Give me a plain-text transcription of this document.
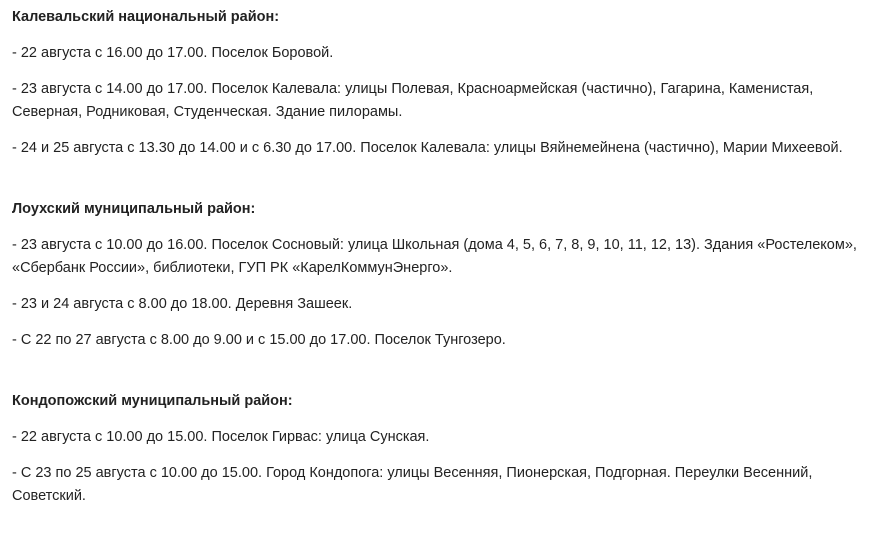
Калевальский национальный район:

- 22 августа с 16.00 до 17.00. Поселок Боровой.

- 23 августа с 14.00 до 17.00. Поселок Калевала: улицы Полевая, Красноармейская (частично), Гагарина, Каменистая, Северная, Родниковая, Студенческая. Здание пилорамы.

- 24 и 25 августа с 13.30 до 14.00 и с 6.30 до 17.00. Поселок Калевала: улицы Вяйнемейнена (частично), Марии Михеевой.

Лоухский муниципальный район:

- 23 августа с 10.00 до 16.00. Поселок Сосновый: улица Школьная (дома 4, 5, 6, 7, 8, 9, 10, 11, 12, 13). Здания «Ростелеком», «Сбербанк России», библиотеки, ГУП РК «КарелКоммунЭнерго».

- 23 и 24 августа с 8.00 до 18.00. Деревня Зашеек.

- С 22 по 27 августа с 8.00 до 9.00 и с 15.00 до 17.00. Поселок Тунгозеро.

Кондопожский муниципальный район:

- 22 августа с 10.00 до 15.00. Поселок Гирвас: улица Сунская.

- С 23 по 25 августа с 10.00 до 15.00. Город Кондопога: улицы Весенняя, Пионерская, Подгорная. Переулки Весенний, Советский.
